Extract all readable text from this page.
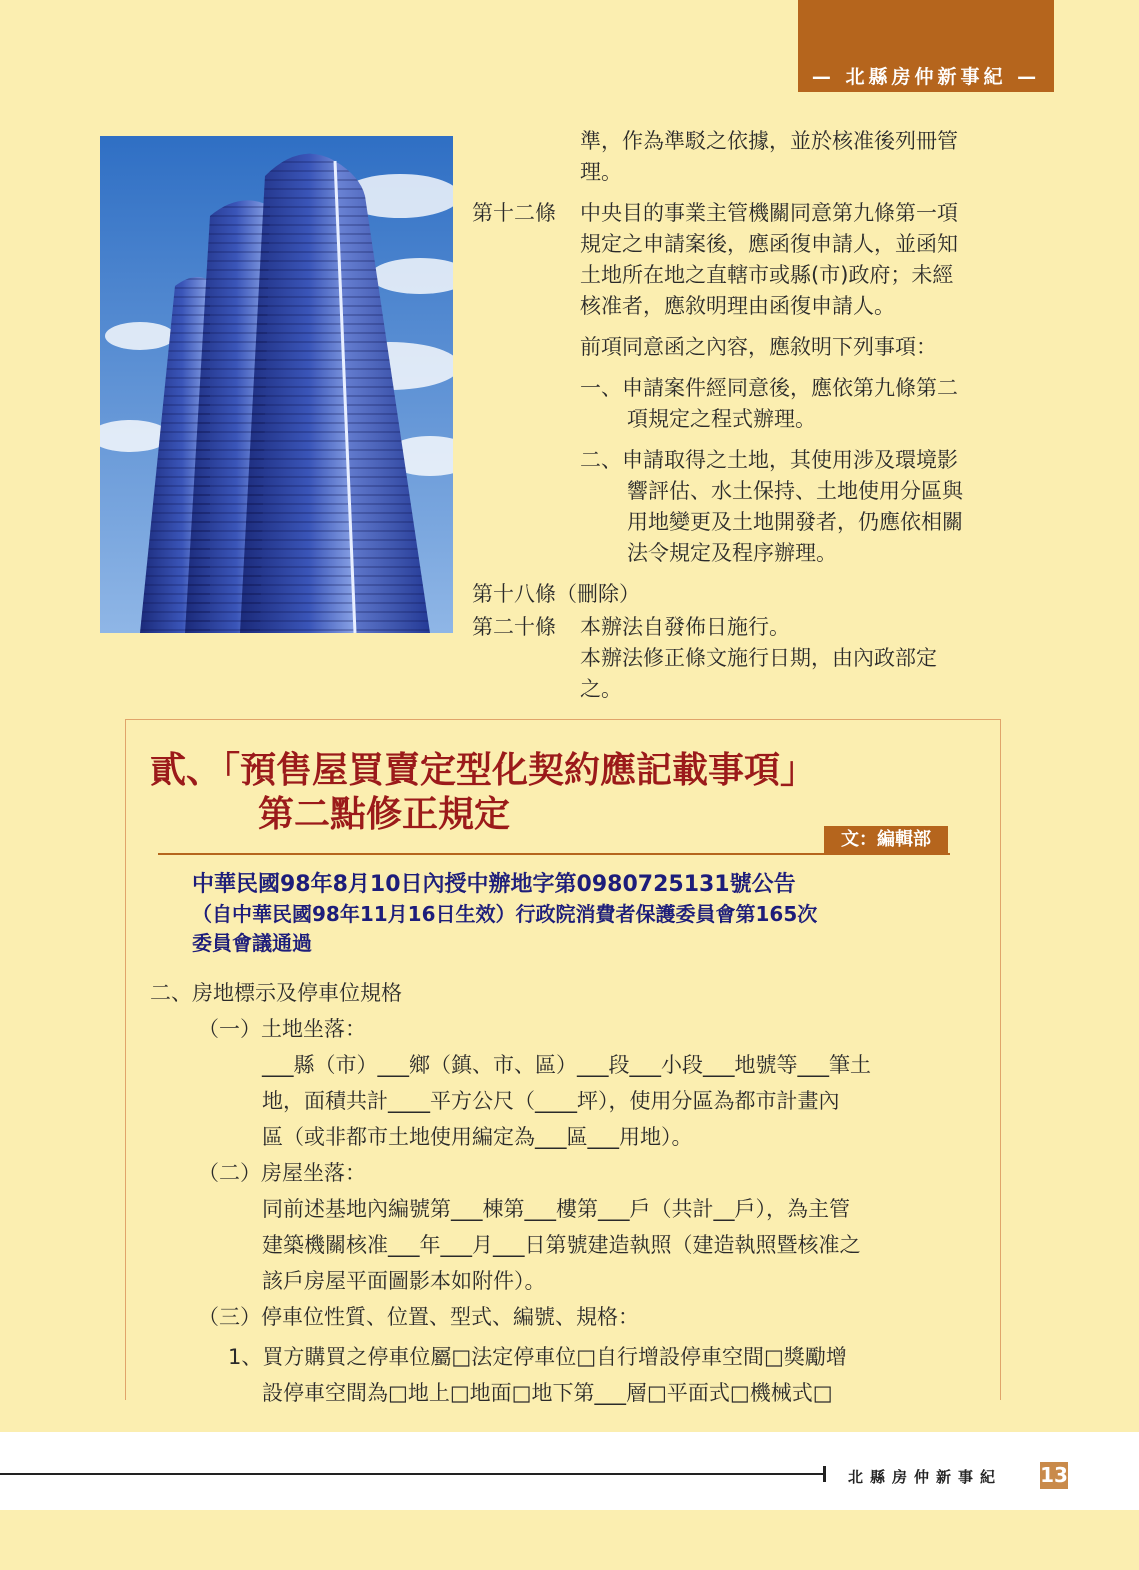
— 北縣房仲新事紀 —
準，作為準駁之依據，並於核准後列冊管
理。
第十二條 中央目的事業主管機關同意第九條第一項
規定之申請案後，應函復申請人，並函知
土地所在地之直轄市或縣(市)政府；未經
核准者，應敘明理由函復申請人。
前項同意函之內容，應敘明下列事項：
一、申請案件經同意後，應依第九條第二
項規定之程式辦理。
二、申請取得之土地，其使用涉及環境影
響評估、水土保持、土地使用分區與
用地變更及土地開發者，仍應依相關
法令規定及程序辦理。
第十八條（刪除）
第二十條 本辦法自發佈日施行。
本辦法修正條文施行日期，由內政部定
之。
貳、「預售屋買賣定型化契約應記載事項」
第二點修正規定
文：編輯部
中華民國98年8月10日內授中辦地字第0980725131號公告
（自中華民國98年11月16日生效）行政院消費者保護委員會第165次
委員會議通過
二、房地標示及停車位規格
（一）土地坐落：
___縣（市）___鄉（鎮、市、區）___段___小段___地號等___筆土
地，面積共計____平方公尺（____坪），使用分區為都市計畫內
區（或非都市土地使用編定為___區___用地）。
（二）房屋坐落：
同前述基地內編號第___棟第___樓第___戶（共計__戶），為主管
建築機關核准___年___月___日第號建造執照（建造執照暨核准之
該戶房屋平面圖影本如附件）。
（三）停車位性質、位置、型式、編號、規格：
1、買方購買之停車位屬□法定停車位□自行增設停車空間□獎勵增
設停車空間為□地上□地面□地下第___層□平面式□機械式□
北縣房仲新事紀 13
